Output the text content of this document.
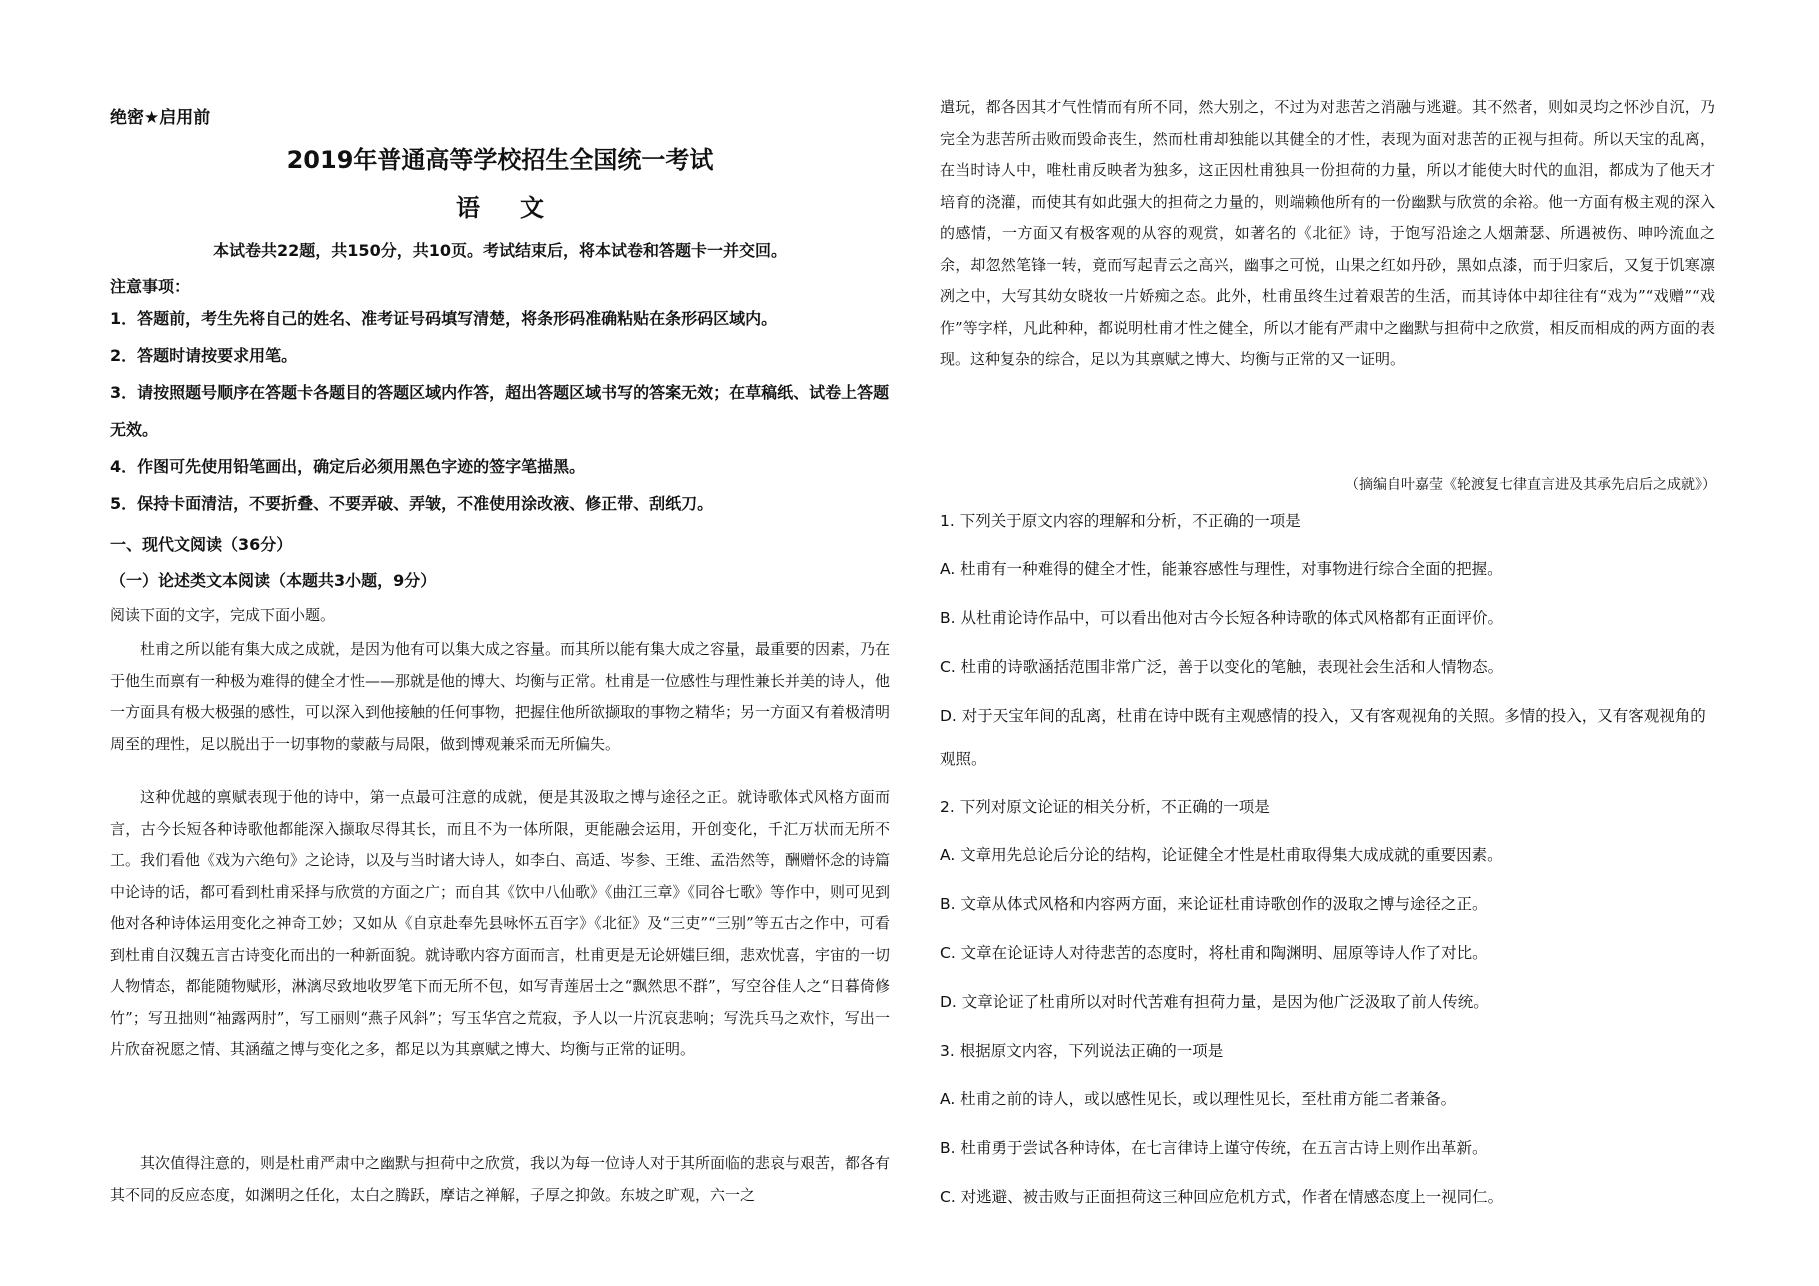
绝密★启用前

2019年普通高等学校招生全国统一考试

语文

本试卷共22题，共150分，共10页。考试结束后，将本试卷和答题卡一并交回。

注意事项：

1．答题前，考生先将自己的姓名、准考证号码填写清楚，将条形码准确粘贴在条形码区域内。

2．答题时请按要求用笔。

3．请按照题号顺序在答题卡各题目的答题区域内作答，超出答题区域书写的答案无效；在草稿纸、试卷上答题无效。

4．作图可先使用铅笔画出，确定后必须用黑色字迹的签字笔描黑。

5．保持卡面清洁，不要折叠、不要弄破、弄皱，不准使用涂改液、修正带、刮纸刀。

一、现代文阅读（36分）

（一）论述类文本阅读（本题共3小题，9分）

阅读下面的文字，完成下面小题。

杜甫之所以能有集大成之成就，是因为他有可以集大成之容量。而其所以能有集大成之容量，最重要的因素，乃在于他生而禀有一种极为难得的健全才性——那就是他的博大、均衡与正常。杜甫是一位感性与理性兼长并美的诗人，他一方面具有极大极强的感性，可以深入到他接触的任何事物，把握住他所欲撷取的事物之精华；另一方面又有着极清明周至的理性，足以脱出于一切事物的蒙蔽与局限，做到博观兼采而无所偏失。

这种优越的禀赋表现于他的诗中，第一点最可注意的成就，便是其汲取之博与途径之正。就诗歌体式风格方面而言，古今长短各种诗歌他都能深入撷取尽得其长，而且不为一体所限，更能融会运用，开创变化，千汇万状而无所不工。我们看他《戏为六绝句》之论诗，以及与当时诸大诗人，如李白、高适、岑参、王维、孟浩然等，酬赠怀念的诗篇中论诗的话，都可看到杜甫采择与欣赏的方面之广；而自其《饮中八仙歌》《曲江三章》《同谷七歌》等作中，则可见到他对各种诗体运用变化之神奇工妙；又如从《自京赴奉先县咏怀五百字》《北征》及“三吏”“三别”等五古之作中，可看到杜甫自汉魏五言古诗变化而出的一种新面貌。就诗歌内容方面而言，杜甫更是无论妍媸巨细，悲欢忧喜，宇宙的一切人物情态，都能随物赋形，淋漓尽致地收罗笔下而无所不包，如写青莲居士之“飘然思不群”，写空谷佳人之“日暮倚修竹”；写丑拙则“袖露两肘”，写工丽则“燕子风斜”；写玉华宫之荒寂，予人以一片沉哀悲响；写洗兵马之欢忭，写出一片欣奋祝愿之情、其涵蕴之博与变化之多，都足以为其禀赋之博大、均衡与正常的证明。

其次值得注意的，则是杜甫严肃中之幽默与担荷中之欣赏，我以为每一位诗人对于其所面临的悲哀与艰苦，都各有其不同的反应态度，如渊明之任化，太白之腾跃，摩诘之禅解，子厚之抑敛。东坡之旷观，六一之

遣玩，都各因其才气性情而有所不同，然大别之，不过为对悲苦之消融与逃避。其不然者，则如灵均之怀沙自沉，乃完全为悲苦所击败而毁命丧生，然而杜甫却独能以其健全的才性，表现为面对悲苦的正视与担荷。所以天宝的乱离，在当时诗人中，唯杜甫反映者为独多，这正因杜甫独具一份担荷的力量，所以才能使大时代的血泪，都成为了他天才培育的浇灌，而使其有如此强大的担荷之力量的，则端赖他所有的一份幽默与欣赏的余裕。他一方面有极主观的深入的感情，一方面又有极客观的从容的观赏，如著名的《北征》诗，于饱写沿途之人烟萧瑟、所遇被伤、呻吟流血之余，却忽然笔锋一转，竟而写起青云之高兴，幽事之可悦，山果之红如丹砂，黑如点漆，而于归家后，又复于饥寒凛冽之中，大写其幼女晓妆一片娇痴之态。此外，杜甫虽终生过着艰苦的生活，而其诗体中却往往有“戏为”“戏赠”“戏作”等字样，凡此种种，都说明杜甫才性之健全，所以才能有严肃中之幽默与担荷中之欣赏，相反而相成的两方面的表现。这种复杂的综合，足以为其禀赋之博大、均衡与正常的又一证明。

（摘编自叶嘉莹《轮渡复七律直言进及其承先启后之成就》）

1. 下列关于原文内容的理解和分析，不正确的一项是

A. 杜甫有一种难得的健全才性，能兼容感性与理性，对事物进行综合全面的把握。

B. 从杜甫论诗作品中，可以看出他对古今长短各种诗歌的体式风格都有正面评价。

C. 杜甫的诗歌涵括范围非常广泛，善于以变化的笔触，表现社会生活和人情物态。

D. 对于天宝年间的乱离，杜甫在诗中既有主观感情的投入，又有客观视角的关照。多情的投入，又有客观视角的观照。

2. 下列对原文论证的相关分析，不正确的一项是

A. 文章用先总论后分论的结构，论证健全才性是杜甫取得集大成成就的重要因素。

B. 文章从体式风格和内容两方面，来论证杜甫诗歌创作的汲取之博与途径之正。

C. 文章在论证诗人对待悲苦的态度时，将杜甫和陶渊明、屈原等诗人作了对比。

D. 文章论证了杜甫所以对时代苦难有担荷力量，是因为他广泛汲取了前人传统。

3. 根据原文内容，下列说法正确的一项是

A. 杜甫之前的诗人，或以感性见长，或以理性见长，至杜甫方能二者兼备。

B. 杜甫勇于尝试各种诗体，在七言律诗上谨守传统，在五言古诗上则作出革新。

C. 对逃避、被击败与正面担荷这三种回应危机方式，作者在情感态度上一视同仁。
